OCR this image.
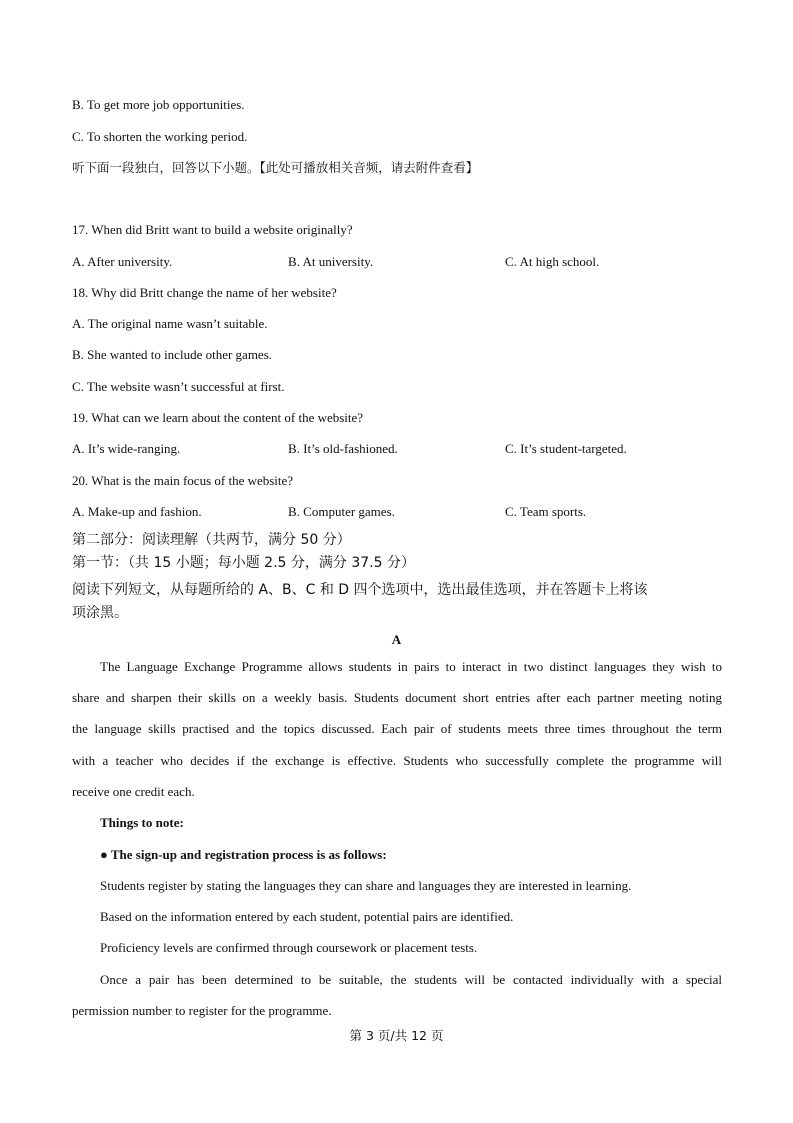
B. To get more job opportunities.
C. To shorten the working period.
听下面一段独白，回答以下小题。【此处可播放相关音频，请去附件查看】
17. When did Britt want to build a website originally?
A. After university.	B. At university.	C. At high school.
18. Why did Britt change the name of her website?
A. The original name wasn’t suitable.
B. She wanted to include other games.
C. The website wasn’t successful at first.
19. What can we learn about the content of the website?
A. It’s wide-ranging.	B. It’s old-fashioned.	C. It’s student-targeted.
20. What is the main focus of the website?
A. Make-up and fashion.	B. Computer games.	C. Team sports.
第二部分：阅读理解（共两节，满分 50 分）
第一节：（共 15 小题；每小题 2.5 分，满分 37.5 分）
阅读下列短文，从每题所给的 A、B、C 和 D 四个选项中，选出最佳选项，并在答题卡上将该
项涂黑。
A
The Language Exchange Programme allows students in pairs to interact in two distinct languages they wish to
share and sharpen their skills on a weekly basis. Students document short entries after each partner meeting noting
the language skills practised and the topics discussed. Each pair of students meets three times throughout the term
with a teacher who decides if the exchange is effective. Students who successfully complete the programme will
receive one credit each.
Things to note:
● The sign-up and registration process is as follows:
Students register by stating the languages they can share and languages they are interested in learning.
Based on the information entered by each student, potential pairs are identified.
Proficiency levels are confirmed through coursework or placement tests.
Once a pair has been determined to be suitable, the students will be contacted individually with a special
permission number to register for the programme.
第 3 页/共 12 页
